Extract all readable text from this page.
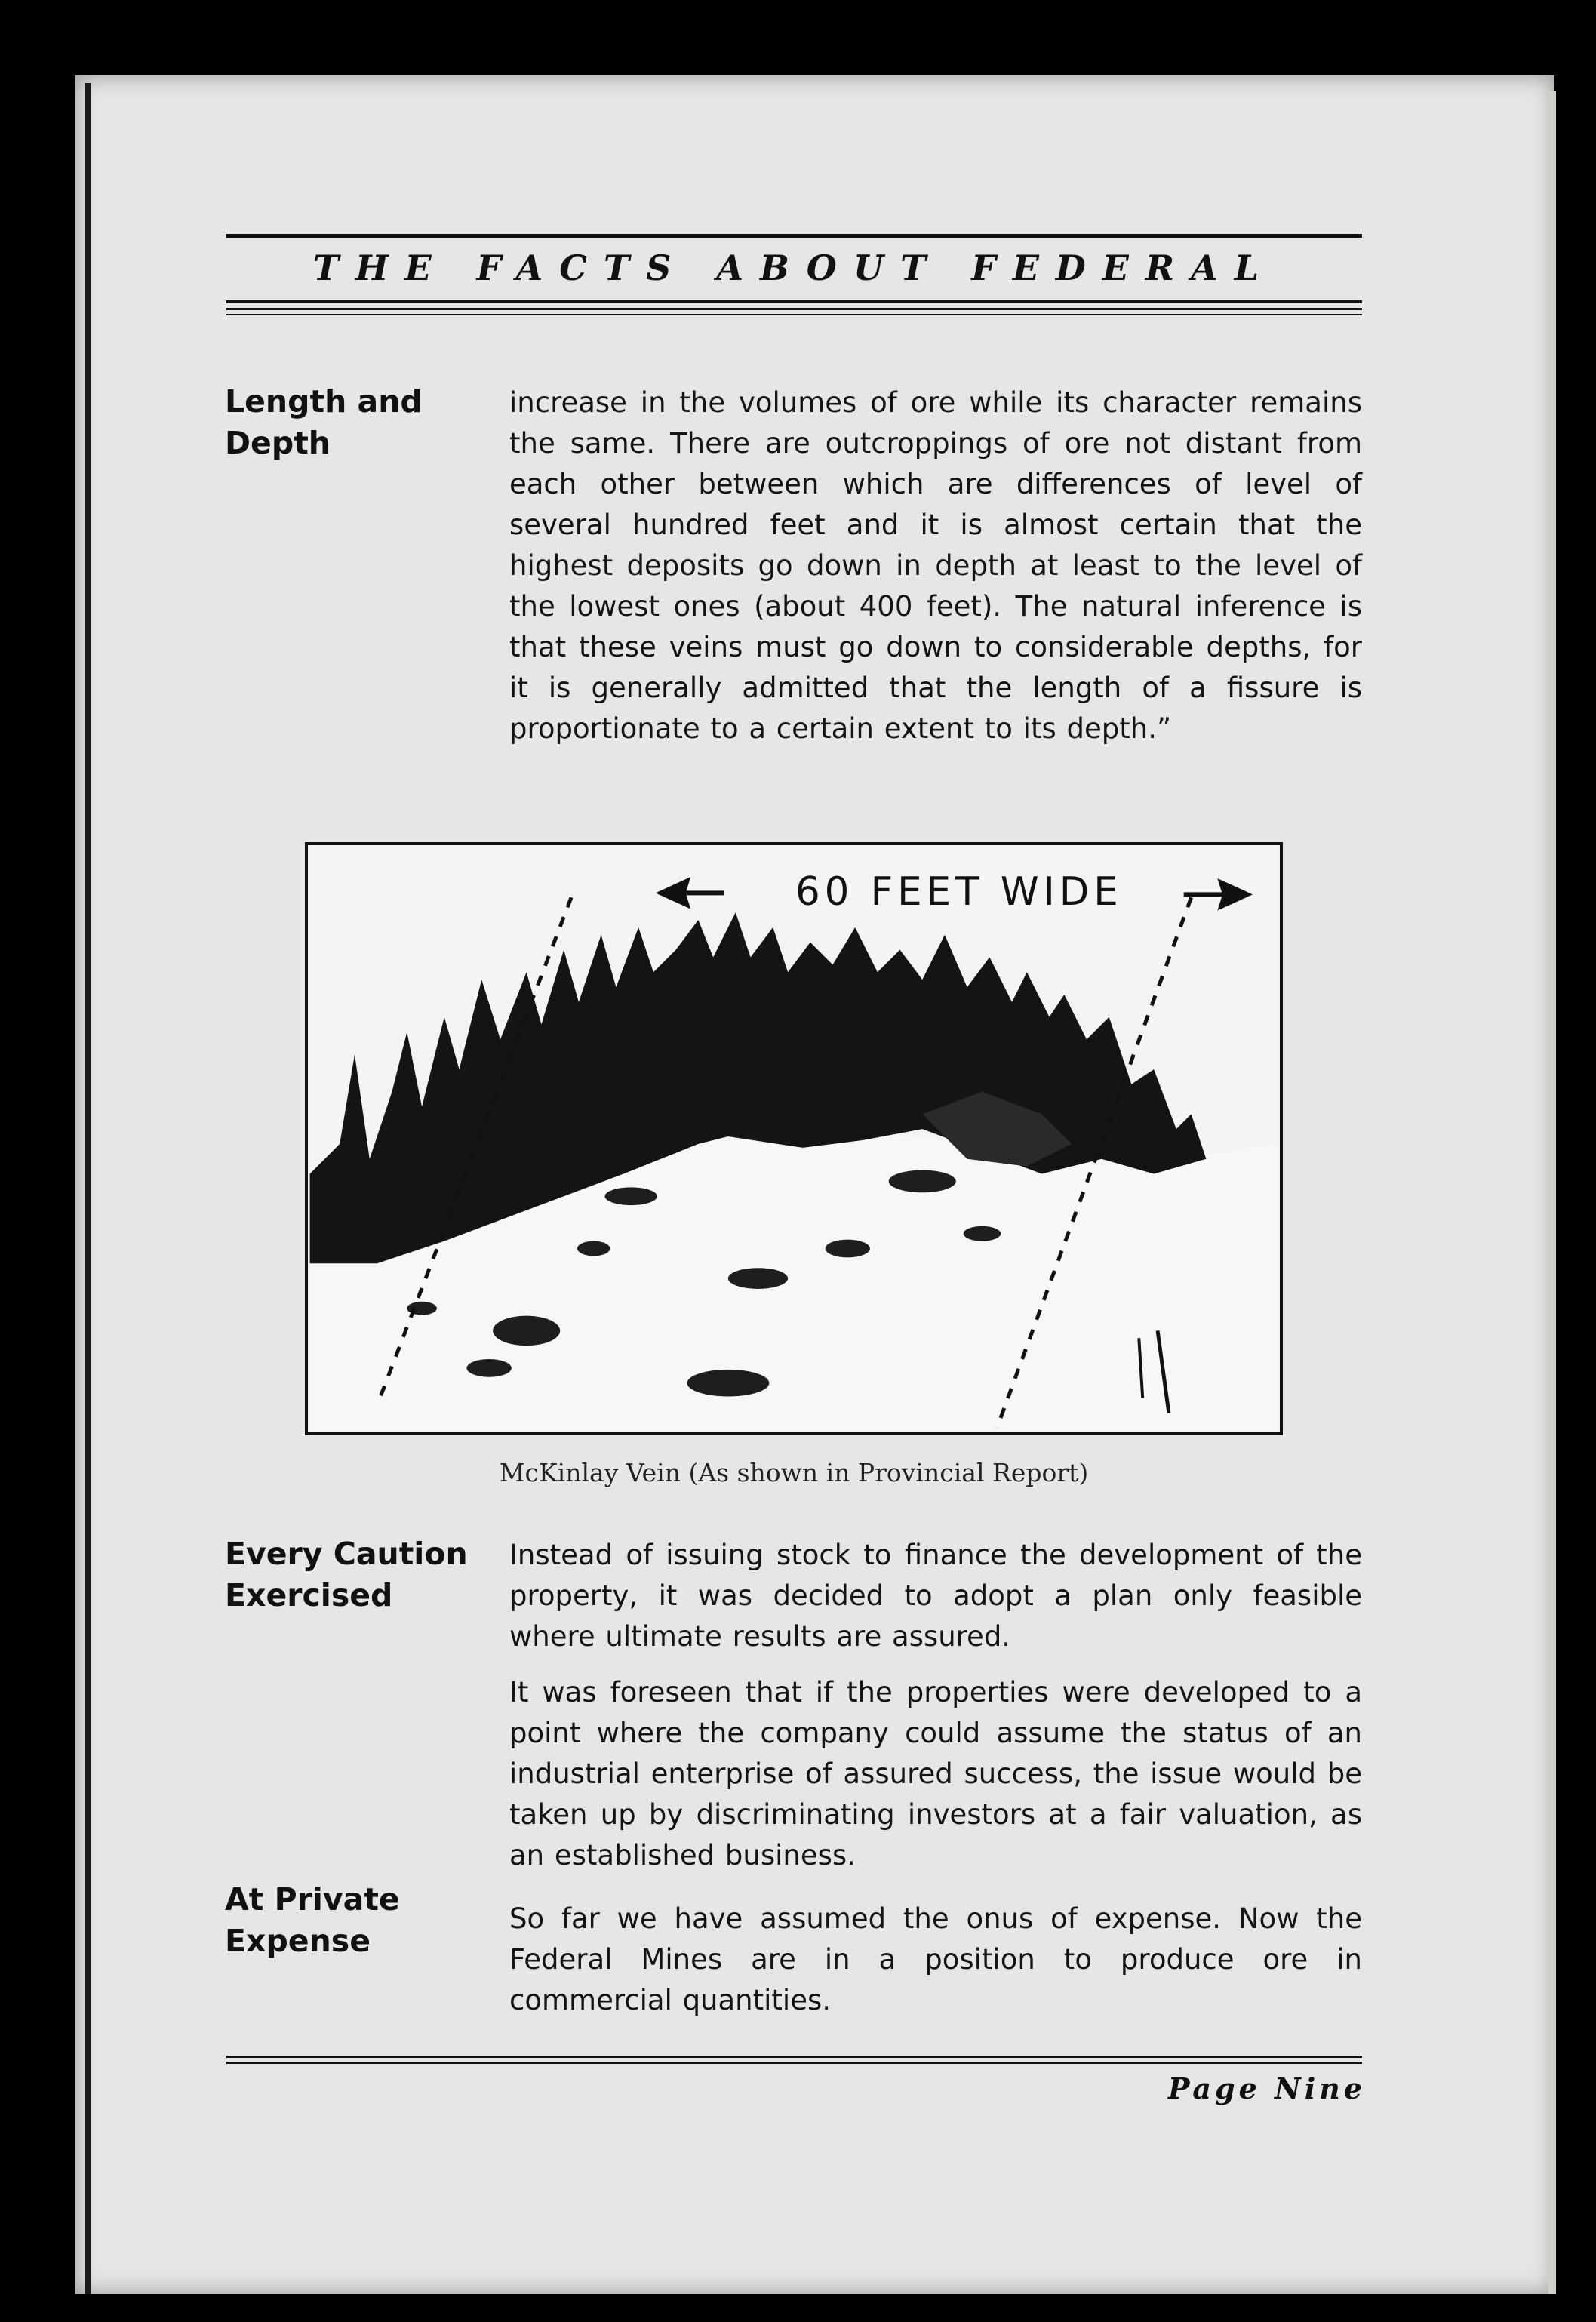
THE FACTS ABOUT FEDERAL
Length and Depth
increase in the volumes of ore while its character remains the same. There are outcroppings of ore not distant from each other between which are differences of level of several hundred feet and it is almost certain that the highest deposits go down in depth at least to the level of the lowest ones (about 400 feet). The natural inference is that these veins must go down to considerable depths, for it is generally admitted that the length of a fissure is proportionate to a certain extent to its depth.”
60 FEET WIDE
McKinlay Vein (As shown in Provincial Report)
Every Caution Exercised
Instead of issuing stock to finance the development of the property, it was decided to adopt a plan only feasible where ultimate results are assured.
It was foreseen that if the properties were developed to a point where the company could assume the status of an industrial enterprise of assured success, the issue would be taken up by discriminating investors at a fair valuation, as an established business.
At Private Expense
So far we have assumed the onus of expense. Now the Federal Mines are in a position to produce ore in commercial quantities.
Page Nine
